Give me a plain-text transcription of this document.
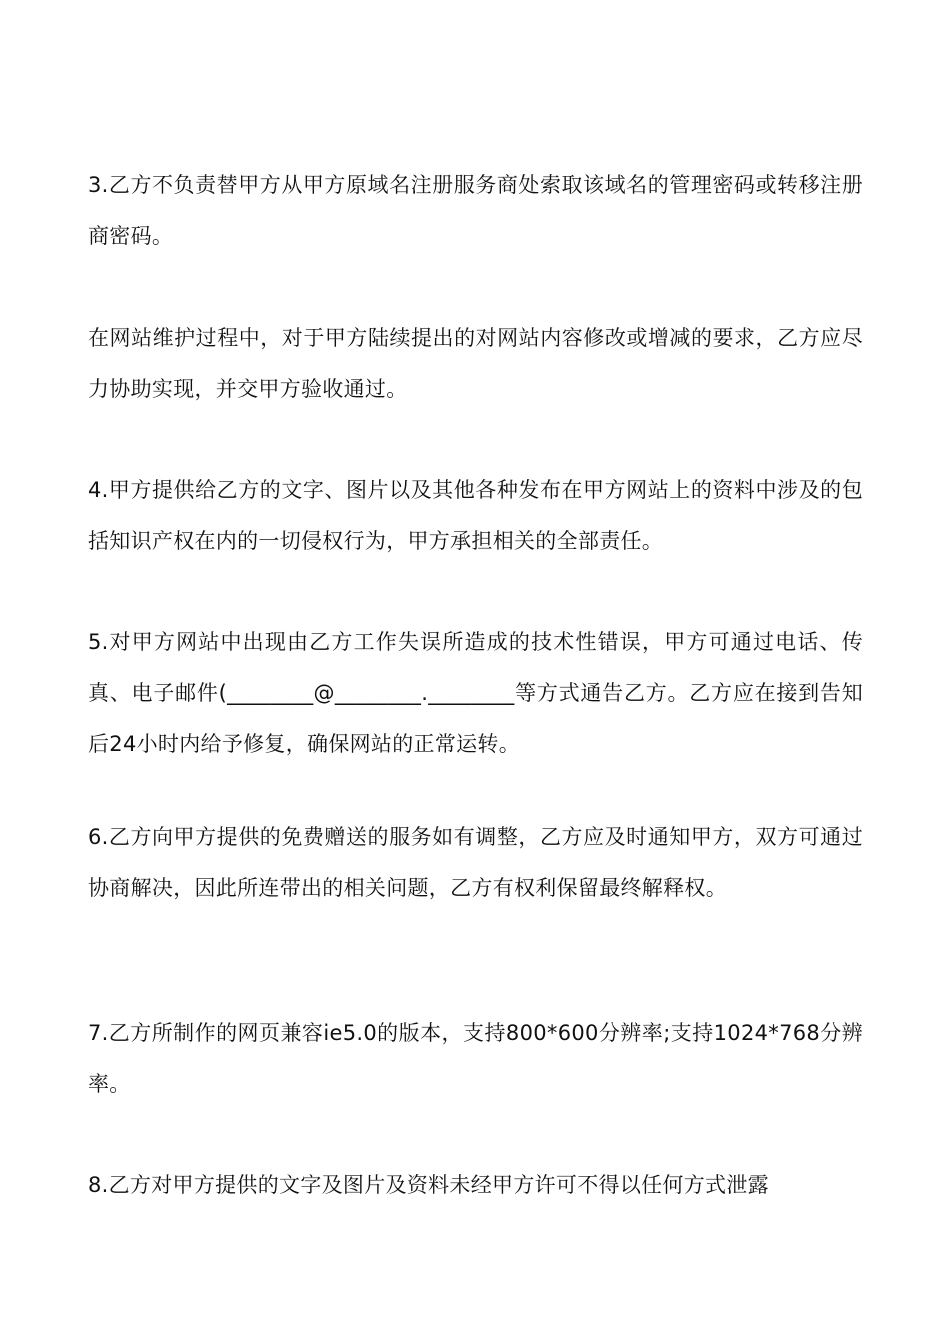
3.乙方不负责替甲方从甲方原域名注册服务商处索取该域名的管理密码或转移注册商密码。

在网站维护过程中，对于甲方陆续提出的对网站内容修改或增减的要求，乙方应尽力协助实现，并交甲方验收通过。

4.甲方提供给乙方的文字、图片以及其他各种发布在甲方网站上的资料中涉及的包括知识产权在内的一切侵权行为，甲方承担相关的全部责任。

5.对甲方网站中出现由乙方工作失误所造成的技术性错误，甲方可通过电话、传真、电子邮件(________@________.________等方式通告乙方。乙方应在接到告知后24小时内给予修复，确保网站的正常运转。

6.乙方向甲方提供的免费赠送的服务如有调整，乙方应及时通知甲方，双方可通过协商解决，因此所连带出的相关问题，乙方有权利保留最终解释权。

7.乙方所制作的网页兼容ie5.0的版本，支持800*600分辨率;支持1024*768分辨率。

8.乙方对甲方提供的文字及图片及资料未经甲方许可不得以任何方式泄露
